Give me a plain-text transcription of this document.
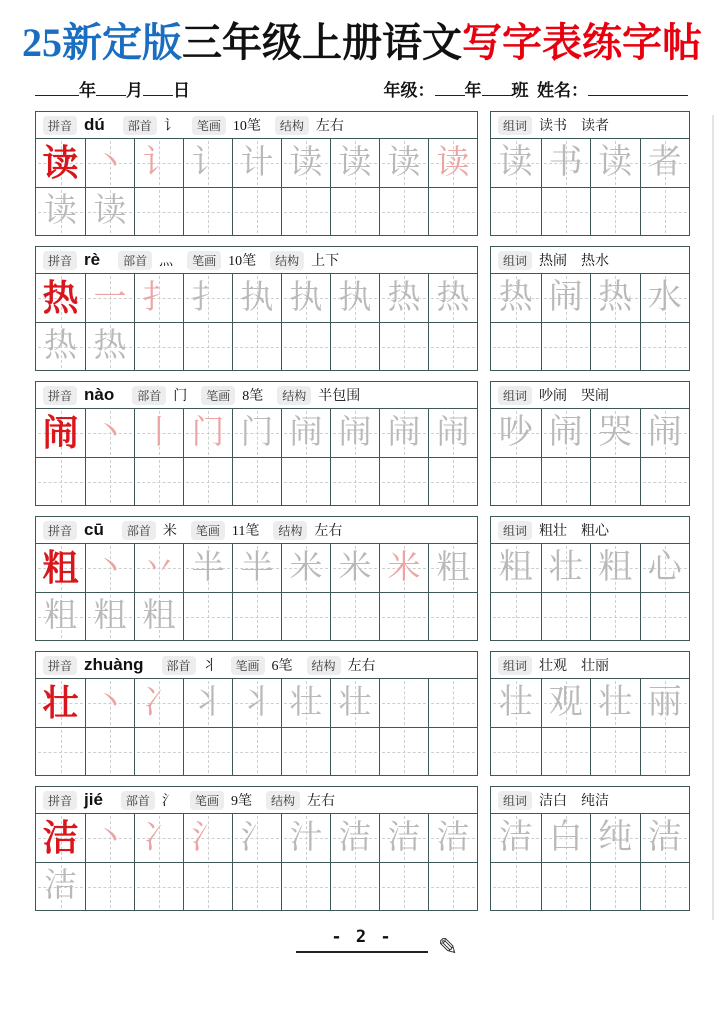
25新定版三年级上册语文写字表练字帖
年 月 日	年级： 年 班 姓名：
拼音 dú	部首 讠	笔画 10笔	结构 左右
读 丶 讠 讠 计 读 读 读 读
读 读
组词 读书　读者
读 书 读 者
拼音 rè	部首 灬	笔画 10笔	结构 上下
热 一 扌 扌 执 执 执 热 热
热 热
组词 热闹　热水
热 闹 热 水
拼音 nào	部首 门	笔画 8笔	结构 半包围
闹 丶 丨 门 门 闹 闹 闹 闹
组词 吵闹　哭闹
吵 闹 哭 闹
拼音 cū	部首 米	笔画 11笔	结构 左右
粗 丶 丷 半 半 米 米 米 粗
粗 粗 粗
组词 粗壮　粗心
粗 壮 粗 心
拼音 zhuàng	部首 丬	笔画 6笔	结构 左右
壮 丶 冫 丬 丬 壮 壮
组词 壮观　壮丽
壮 观 壮 丽
拼音 jié	部首 氵	笔画 9笔	结构 左右
洁 丶 冫 氵 氵 汁 洁 洁 洁
洁
组词 洁白　纯洁
洁 白 纯 洁
- 2 -	✎
